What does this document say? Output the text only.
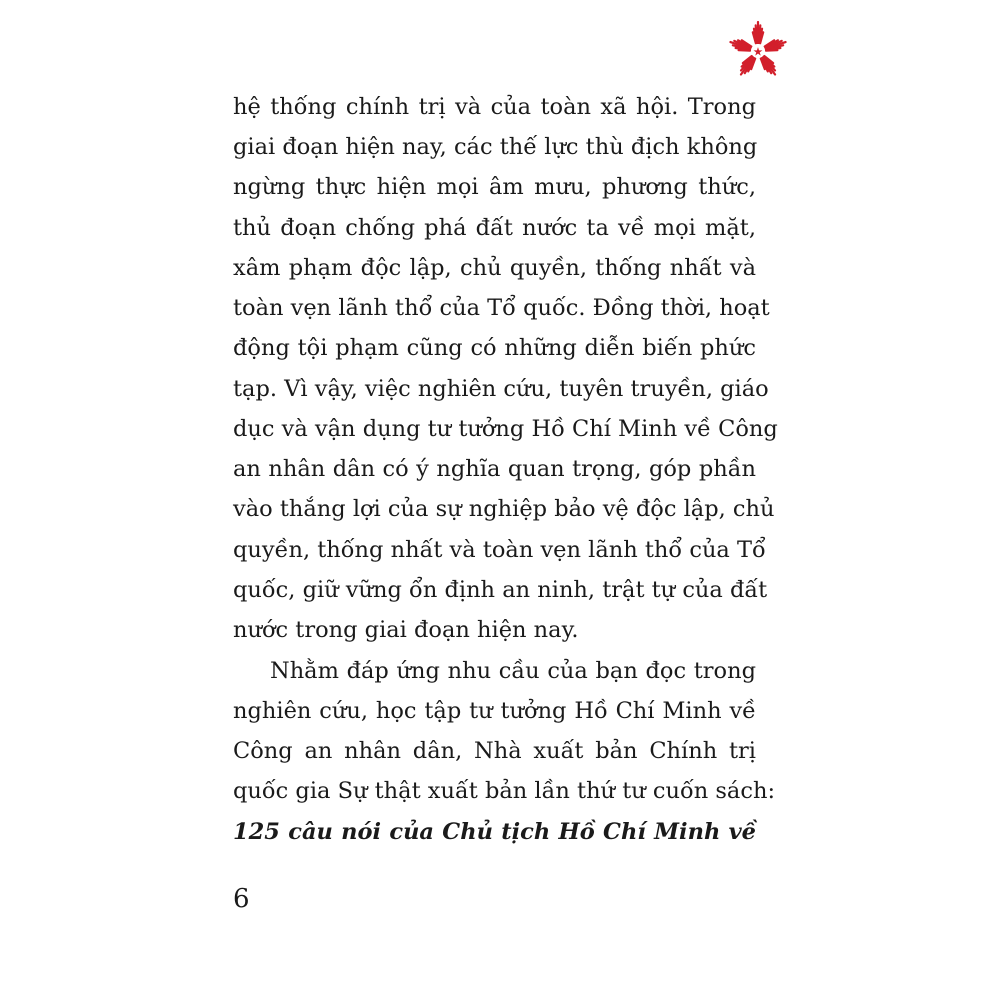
★
hệ thống chính trị và của toàn xã hội. Trong
giai đoạn hiện nay, các thế lực thù địch không
ngừng thực hiện mọi âm mưu, phương thức,
thủ đoạn chống phá đất nước ta về mọi mặt,
xâm phạm độc lập, chủ quyền, thống nhất và
toàn vẹn lãnh thổ của Tổ quốc. Đồng thời, hoạt
động tội phạm cũng có những diễn biến phức
tạp. Vì vậy, việc nghiên cứu, tuyên truyền, giáo
dục và vận dụng tư tưởng Hồ Chí Minh về Công
an nhân dân có ý nghĩa quan trọng, góp phần
vào thắng lợi của sự nghiệp bảo vệ độc lập, chủ
quyền, thống nhất và toàn vẹn lãnh thổ của Tổ
quốc, giữ vững ổn định an ninh, trật tự của đất
nước trong giai đoạn hiện nay.
Nhằm đáp ứng nhu cầu của bạn đọc trong
nghiên cứu, học tập tư tưởng Hồ Chí Minh về
Công an nhân dân, Nhà xuất bản Chính trị
quốc gia Sự thật xuất bản lần thứ tư cuốn sách:
125 câu nói của Chủ tịch Hồ Chí Minh về
6
